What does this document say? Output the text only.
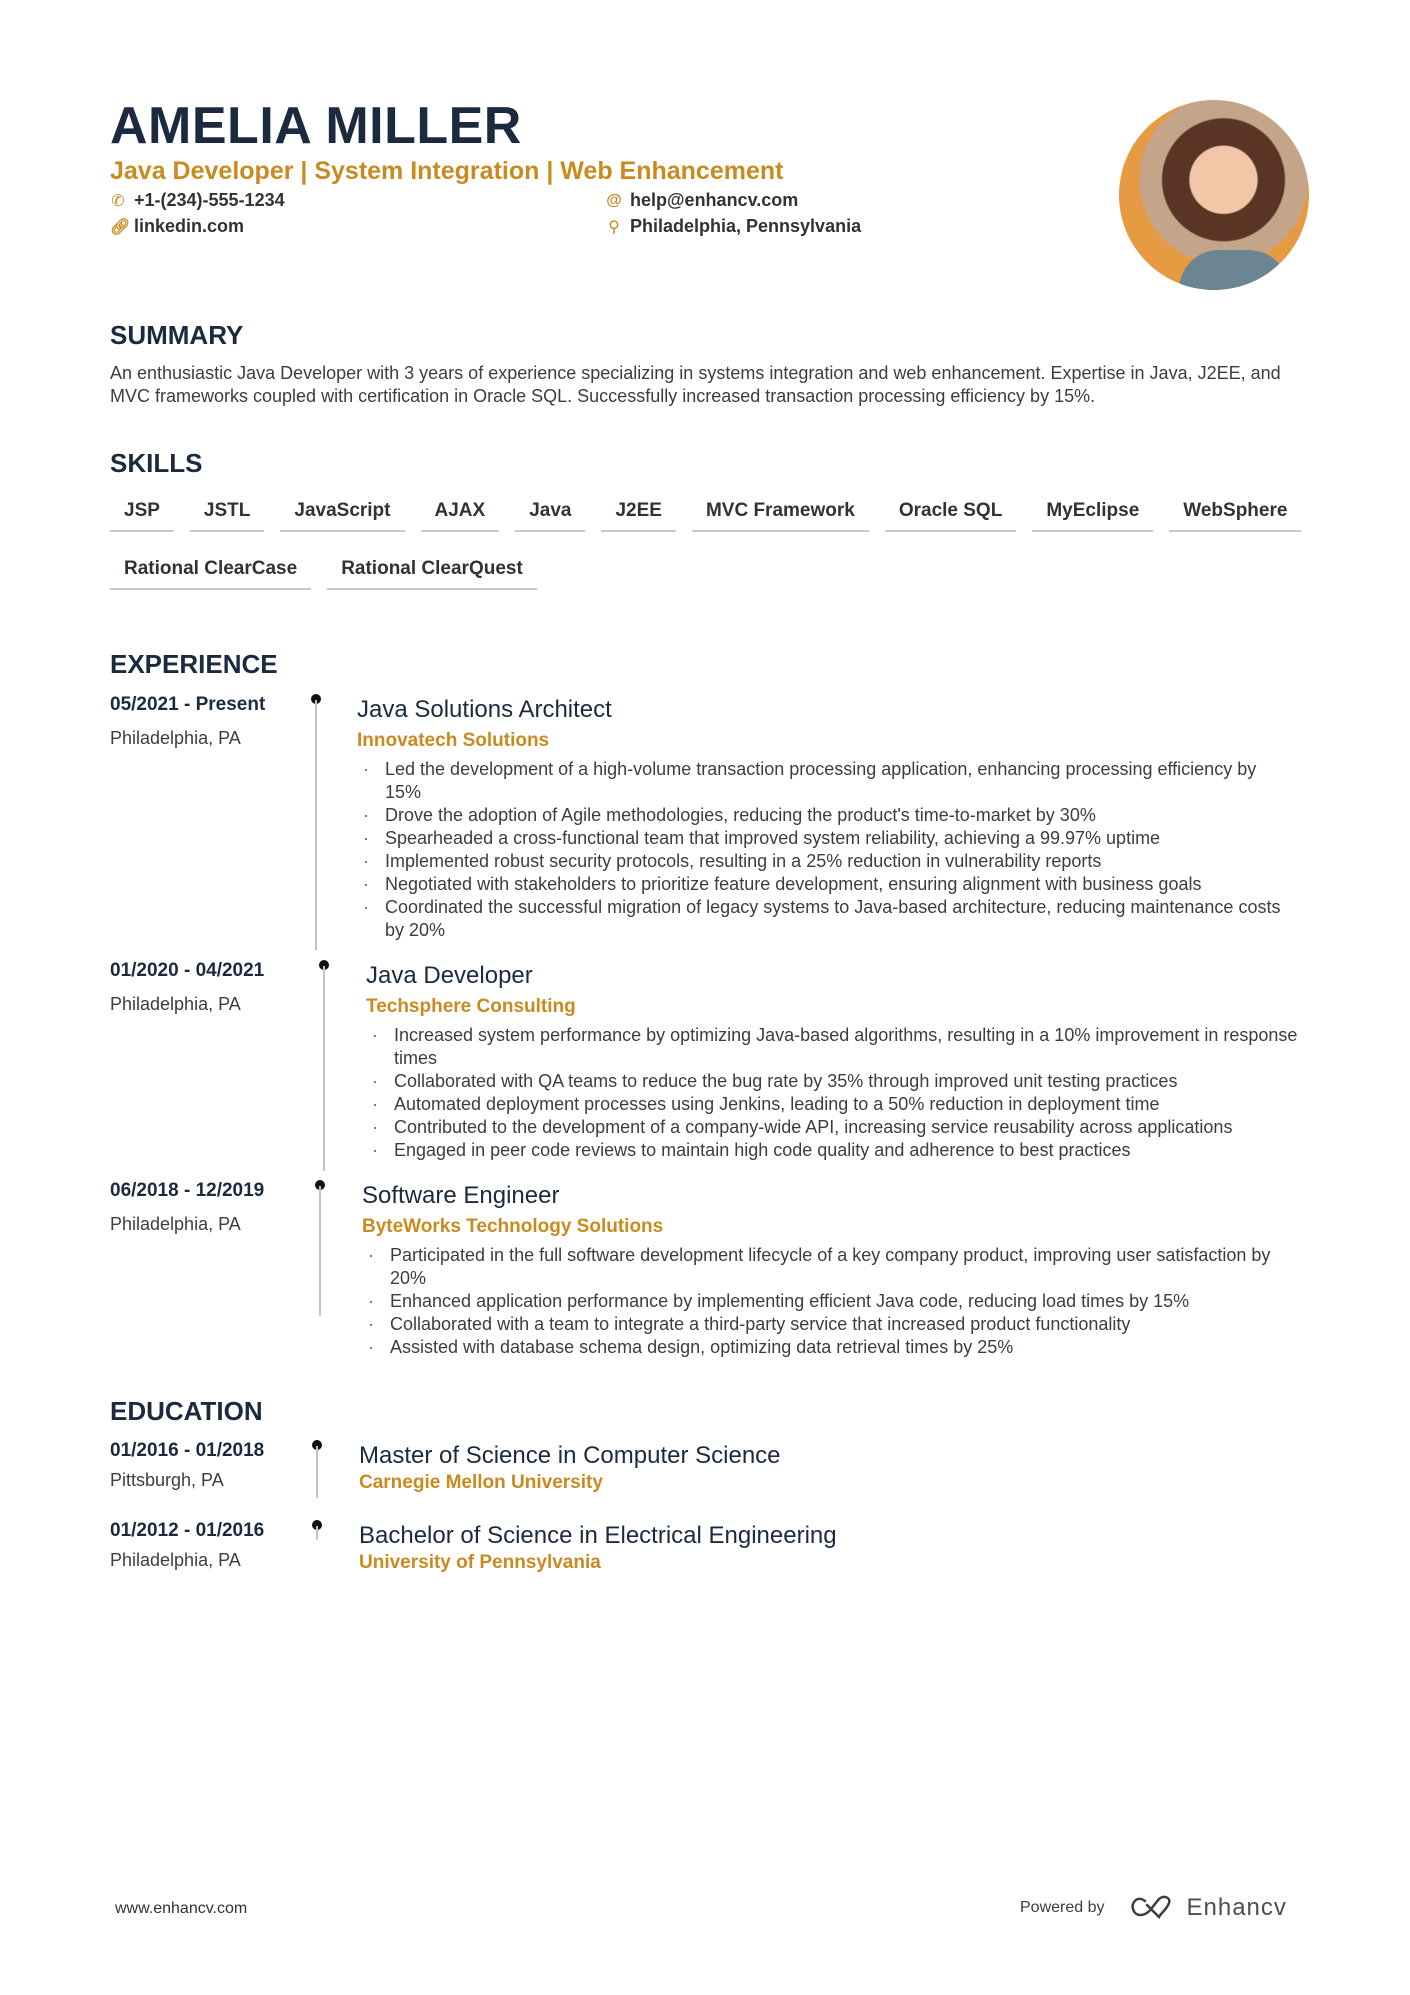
AMELIA MILLER
Java Developer | System Integration | Web Enhancement
✆ +1-(234)-555-1234
🔗︎ linkedin.com
@ help@enhancv.com
⚲ Philadelphia, Pennsylvania
SUMMARY
An enthusiastic Java Developer with 3 years of experience specializing in systems integration and web enhancement. Expertise in Java, J2EE, and MVC frameworks coupled with certification in Oracle SQL. Successfully increased transaction processing efficiency by 15%.
SKILLS
JSP	JSTL	JavaScript	AJAX	Java	J2EE	MVC Framework	Oracle SQL	MyEclipse	WebSphere
Rational ClearCase	Rational ClearQuest
EXPERIENCE
05/2021 - Present
Philadelphia, PA
Java Solutions Architect
Innovatech Solutions
· Led the development of a high-volume transaction processing application, enhancing processing efficiency by 15%
· Drove the adoption of Agile methodologies, reducing the product's time-to-market by 30%
· Spearheaded a cross-functional team that improved system reliability, achieving a 99.97% uptime
· Implemented robust security protocols, resulting in a 25% reduction in vulnerability reports
· Negotiated with stakeholders to prioritize feature development, ensuring alignment with business goals
· Coordinated the successful migration of legacy systems to Java-based architecture, reducing maintenance costs by 20%
01/2020 - 04/2021
Philadelphia, PA
Java Developer
Techsphere Consulting
· Increased system performance by optimizing Java-based algorithms, resulting in a 10% improvement in response times
· Collaborated with QA teams to reduce the bug rate by 35% through improved unit testing practices
· Automated deployment processes using Jenkins, leading to a 50% reduction in deployment time
· Contributed to the development of a company-wide API, increasing service reusability across applications
· Engaged in peer code reviews to maintain high code quality and adherence to best practices
06/2018 - 12/2019
Philadelphia, PA
Software Engineer
ByteWorks Technology Solutions
· Participated in the full software development lifecycle of a key company product, improving user satisfaction by 20%
· Enhanced application performance by implementing efficient Java code, reducing load times by 15%
· Collaborated with a team to integrate a third-party service that increased product functionality
· Assisted with database schema design, optimizing data retrieval times by 25%
EDUCATION
01/2016 - 01/2018
Pittsburgh, PA
Master of Science in Computer Science
Carnegie Mellon University
01/2012 - 01/2016
Philadelphia, PA
Bachelor of Science in Electrical Engineering
University of Pennsylvania
www.enhancv.com	Powered by	Enhancv
